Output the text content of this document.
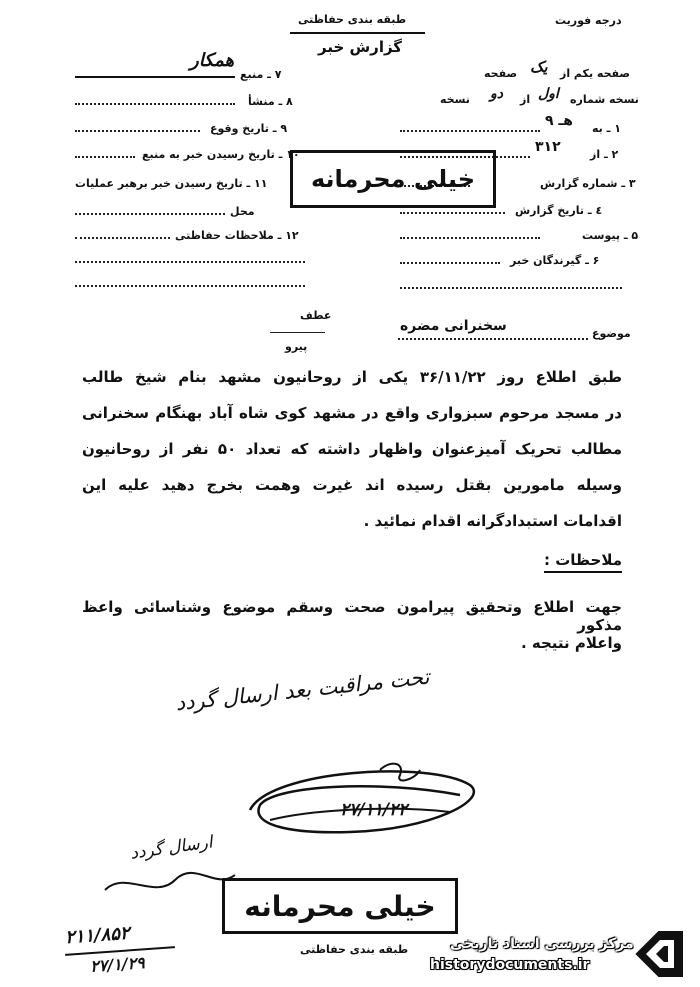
درجه فوریت
طبقه بندی حفاظتی
گزارش خبر
۷ ـ منبع
همکار
۸ ـ منشأ
۹ ـ تاریخ وقوع
۱۰ ـ تاریخ رسیدن خبر به منبع
۱۱ ـ تاریخ رسیدن خبر برهبر عملیات
محل
۱۲ ـ ملاحظات حفاظتی
صفحه یکم از
یک
صفحه
نسخه شماره
اول
از
دو
نسخه
۱ ـ به
۹ هـ
۲ ـ از
۳۱۲
۳ ـ شماره گزارش
٤ ـ تاریخ گزارش
۵ ـ پیوست
۶ ـ گیرندگان خبر
خیلی محرمانه
عطف
پیرو
سخنرانی مضره	موضوع
طبق اطلاع روز ۳۶/۱۱/۲۲ یکی از روحانیون مشهد بنام شیخ طالب
در مسجد مرحوم سبزواری واقع در مشهد کوی شاه آباد بهنگام سخنرانی
مطالب تحریک آمیزعنوان واظهار داشته که تعداد ۵۰ نفر از روحانیون
وسیله مامورین بقتل رسیده اند غیرت وهمت بخرج دهید علیه این
اقدامات استبدادگرانه اقدام نمائید .
ملاحظات :
جهت اطلاع وتحقیق پیرامون صحت وسقم موضوع وشناسائی واعظ مذکور
واعلام نتیجه .
تحت مراقبت بعد ارسال گردد
۲۷/۱۱/۲۲
ارسال گردد
خیلی محرمانه
۲۱۱/۸۵۲
۲۷/۱/۲۹
طبقه بندی حفاظتی	مرکز بررسی اسناد تاریخی
historydocuments.ir
